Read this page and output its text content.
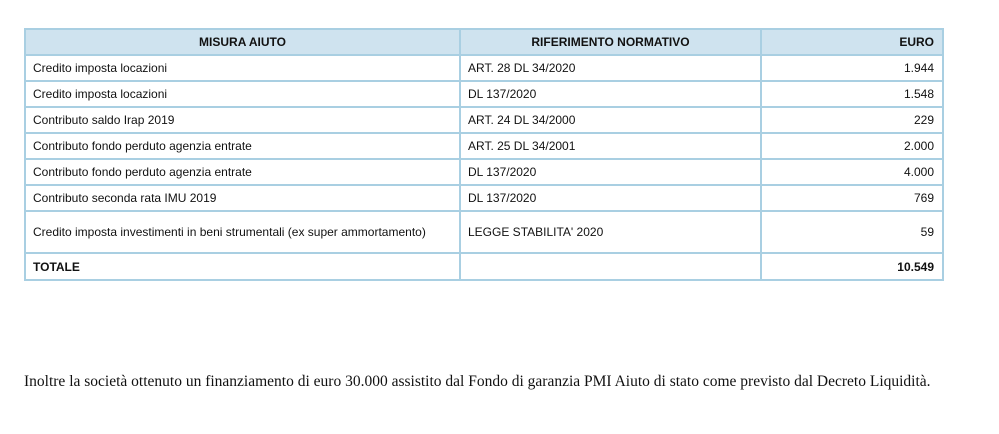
MISURA AIUTO	RIFERIMENTO NORMATIVO	EURO
Credito imposta locazioni	ART. 28 DL 34/2020	1.944
Credito imposta locazioni	DL 137/2020	1.548
Contributo saldo Irap 2019	ART. 24 DL 34/2000	229
Contributo fondo perduto agenzia entrate	ART. 25 DL 34/2001	2.000
Contributo fondo perduto agenzia entrate	DL 137/2020	4.000
Contributo seconda rata IMU 2019	DL 137/2020	769
Credito imposta investimenti in beni strumentali (ex super ammortamento)	LEGGE STABILITA' 2020	59
TOTALE		10.549

Inoltre la società ottenuto un finanziamento di euro 30.000 assistito dal Fondo di garanzia PMI Aiuto di stato come previsto dal Decreto Liquidità.
